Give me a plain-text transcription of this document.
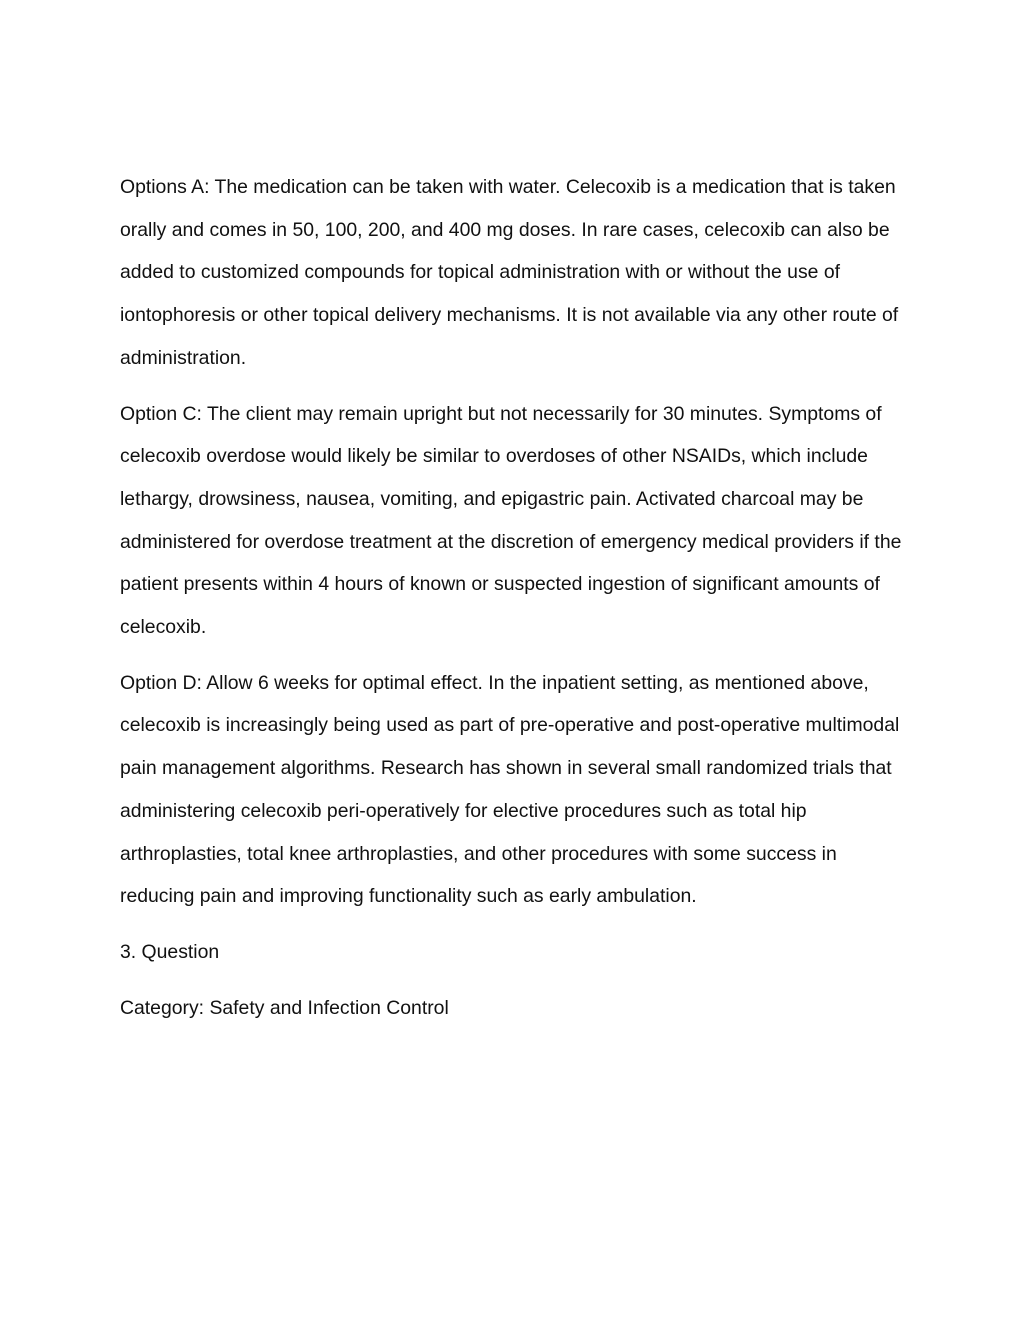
Options A: The medication can be taken with water. Celecoxib is a medication that is taken orally and comes in 50, 100, 200, and 400 mg doses. In rare cases, celecoxib can also be added to customized compounds for topical administration with or without the use of iontophoresis or other topical delivery mechanisms. It is not available via any other route of administration.

Option C: The client may remain upright but not necessarily for 30 minutes. Symptoms of celecoxib overdose would likely be similar to overdoses of other NSAIDs, which include lethargy, drowsiness, nausea, vomiting, and epigastric pain. Activated charcoal may be administered for overdose treatment at the discretion of emergency medical providers if the patient presents within 4 hours of known or suspected ingestion of significant amounts of celecoxib.

Option D: Allow 6 weeks for optimal effect. In the inpatient setting, as mentioned above, celecoxib is increasingly being used as part of pre-operative and post-operative multimodal pain management algorithms. Research has shown in several small randomized trials that administering celecoxib peri-operatively for elective procedures such as total hip arthroplasties, total knee arthroplasties, and other procedures with some success in reducing pain and improving functionality such as early ambulation.

3. Question

Category: Safety and Infection Control
